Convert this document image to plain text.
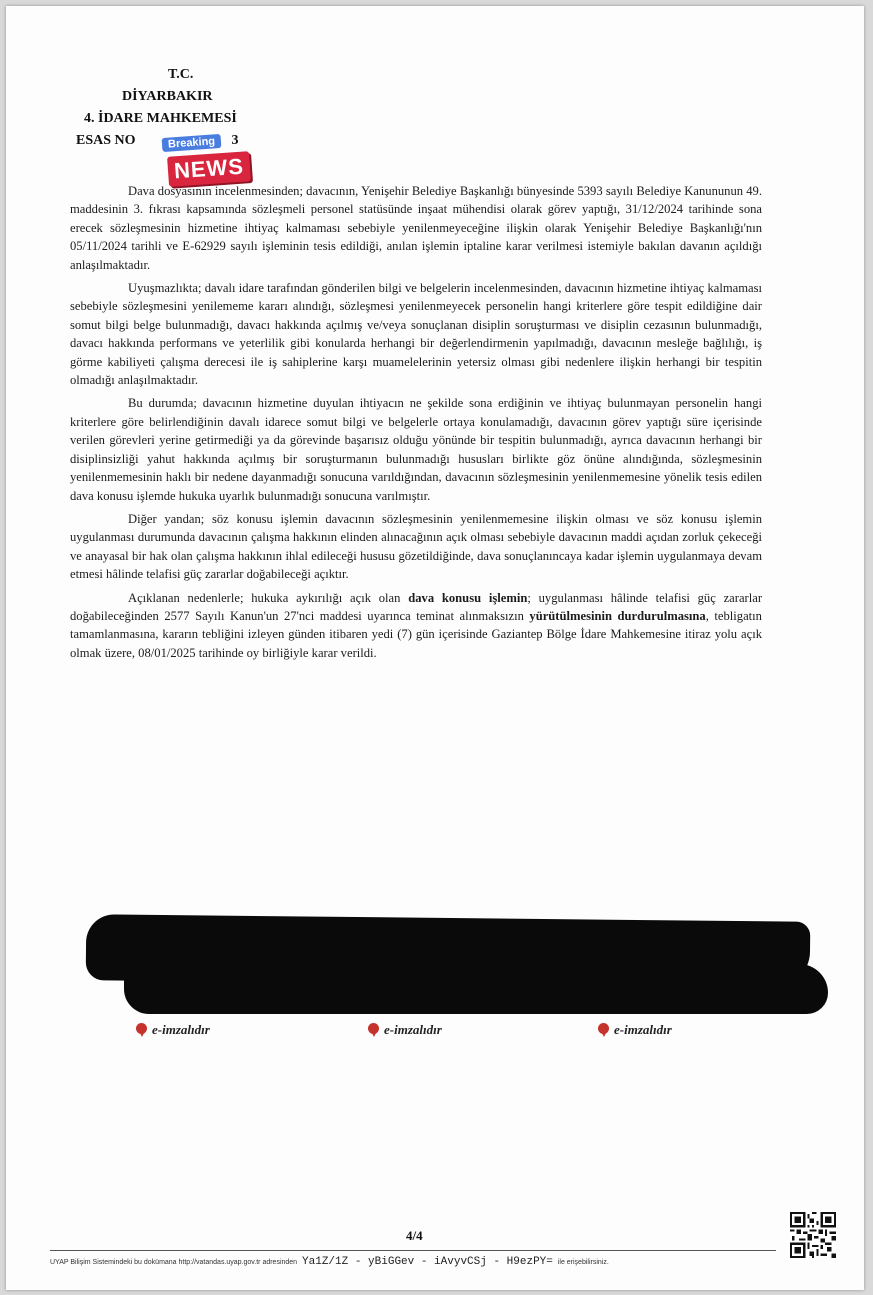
T.C.
DİYARBAKIR
4. İDARE MAHKEMESİ
ESAS NO	3
Breaking
NEWS

Dava dosyasının incelenmesinden; davacının, Yenişehir Belediye Başkanlığı bünyesinde 5393 sayılı Belediye Kanununun 49. maddesinin 3. fıkrası kapsamında sözleşmeli personel statüsünde inşaat mühendisi olarak görev yaptığı, 31/12/2024 tarihinde sona erecek sözleşmesinin hizmetine ihtiyaç kalmaması sebebiyle yenilenmeyeceğine ilişkin olarak Yenişehir Belediye Başkanlığı'nın 05/11/2024 tarihli ve E-62929 sayılı işleminin tesis edildiği, anılan işlemin iptaline karar verilmesi istemiyle bakılan davanın açıldığı anlaşılmaktadır.

Uyuşmazlıkta; davalı idare tarafından gönderilen bilgi ve belgelerin incelenmesinden, davacının hizmetine ihtiyaç kalmaması sebebiyle sözleşmesini yenilememe kararı alındığı, sözleşmesi yenilenmeyecek personelin hangi kriterlere göre tespit edildiğine dair somut bilgi belge bulunmadığı, davacı hakkında açılmış ve/veya sonuçlanan disiplin soruşturması ve disiplin cezasının bulunmadığı, davacı hakkında performans ve yeterlilik gibi konularda herhangi bir değerlendirmenin yapılmadığı, davacının mesleğe bağlılığı, iş görme kabiliyeti çalışma derecesi ile iş sahiplerine karşı muamelelerinin yetersiz olması gibi nedenlere ilişkin herhangi bir tespitin olmadığı anlaşılmaktadır.

Bu durumda; davacının hizmetine duyulan ihtiyacın ne şekilde sona erdiğinin ve ihtiyaç bulunmayan personelin hangi kriterlere göre belirlendiğinin davalı idarece somut bilgi ve belgelerle ortaya konulamadığı, davacının görev yaptığı süre içerisinde verilen görevleri yerine getirmediği ya da görevinde başarısız olduğu yönünde bir tespitin bulunmadığı, ayrıca davacının herhangi bir disiplinsizliği yahut hakkında açılmış bir soruşturmanın bulunmadığı hususları birlikte göz önüne alındığında, sözleşmesinin yenilenmemesinin haklı bir nedene dayanmadığı sonucuna varıldığından, davacının sözleşmesinin yenilenmemesine yönelik tesis edilen dava konusu işlemde hukuka uyarlık bulunmadığı sonucuna varılmıştır.

Diğer yandan; söz konusu işlemin davacının sözleşmesinin yenilenmemesine ilişkin olması ve söz konusu işlemin uygulanması durumunda davacının çalışma hakkının elinden alınacağının açık olması sebebiyle davacının maddi açıdan zorluk çekeceği ve anayasal bir hak olan çalışma hakkının ihlal edileceği hususu gözetildiğinde, dava sonuçlanıncaya kadar işlemin uygulanmaya devam etmesi hâlinde telafisi güç zararlar doğabileceği açıktır.

Açıklanan nedenlerle; hukuka aykırılığı açık olan dava konusu işlemin; uygulanması hâlinde telafisi güç zararlar doğabileceğinden 2577 Sayılı Kanun'un 27'nci maddesi uyarınca teminat alınmaksızın yürütülmesinin durdurulmasına, tebligatın tamamlanmasına, kararın tebliğini izleyen günden itibaren yedi (7) gün içerisinde Gaziantep Bölge İdare Mahkemesine itiraz yolu açık olmak üzere, 08/01/2025 tarihinde oy birliğiyle karar verildi.

e-imzalıdır	e-imzalıdır	e-imzalıdır
4/4
UYAP Bilişim Sistemindeki bu dokümana http://vatandas.uyap.gov.tr adresinden Ya1Z/1Z - yBiGGev - iAvyvCSj - H9ezPY= ile erişebilirsiniz.
